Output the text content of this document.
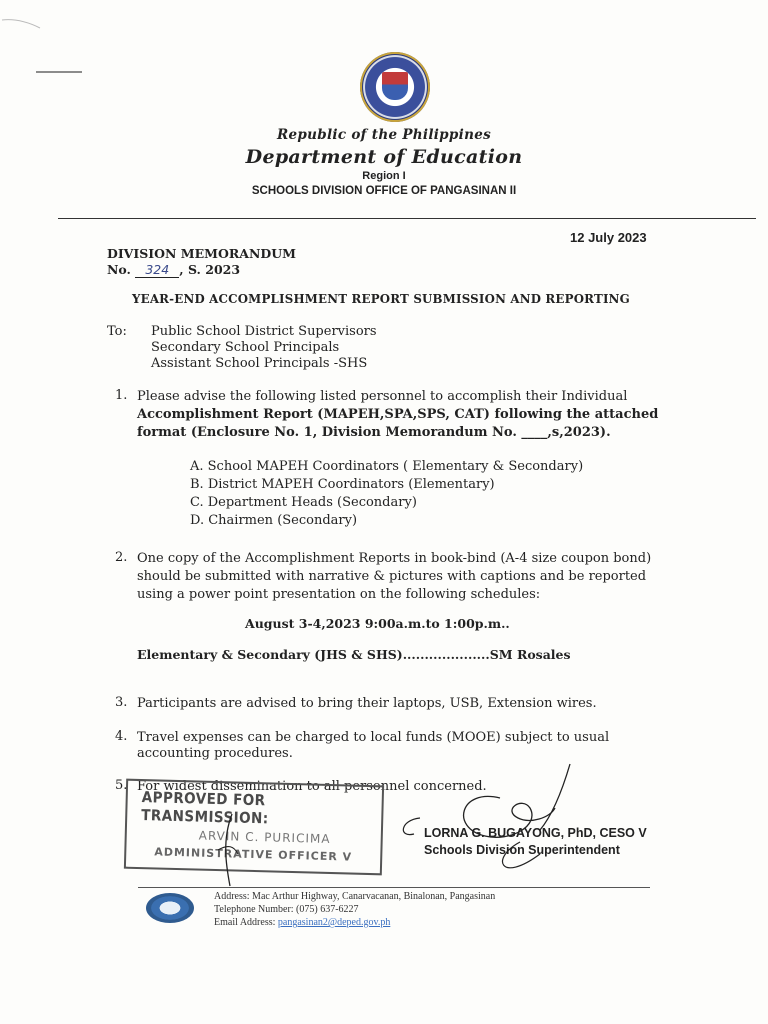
Republic of the Philippines
Department of Education
Region I
SCHOOLS DIVISION OFFICE OF PANGASINAN II
12 July 2023
DIVISION MEMORANDUM
No. 324 , S. 2023
YEAR-END ACCOMPLISHMENT REPORT SUBMISSION AND REPORTING
To: Public School District Supervisors
Secondary School Principals
Assistant School Principals -SHS
1. Please advise the following listed personnel to accomplish their Individual
Accomplishment Report (MAPEH,SPA,SPS, CAT) following the attached
format (Enclosure No. 1, Division Memorandum No. ____,s,2023).
A. School MAPEH Coordinators ( Elementary & Secondary)
B. District MAPEH Coordinators (Elementary)
C. Department Heads (Secondary)
D. Chairmen (Secondary)
2. One copy of the Accomplishment Reports in book-bind (A-4 size coupon bond)
should be submitted with narrative & pictures with captions and be reported
using a power point presentation on the following schedules:
August 3-4,2023 9:00a.m.to 1:00p.m..
Elementary & Secondary (JHS & SHS)....................SM Rosales
3. Participants are advised to bring their laptops, USB, Extension wires.
4. Travel expenses can be charged to local funds (MOOE) subject to usual
accounting procedures.
5. For widest dissemination to all personnel concerned.
APPROVED FOR TRANSMISSION:
ARVIN C. PURICIMA
ADMINISTRATIVE OFFICER V
LORNA G. BUGAYONG, PhD, CESO V
Schools Division Superintendent
Address: Mac Arthur Highway, Canarvacanan, Binalonan, Pangasinan
Telephone Number: (075) 637-6227
Email Address: pangasinan2@deped.gov.ph
